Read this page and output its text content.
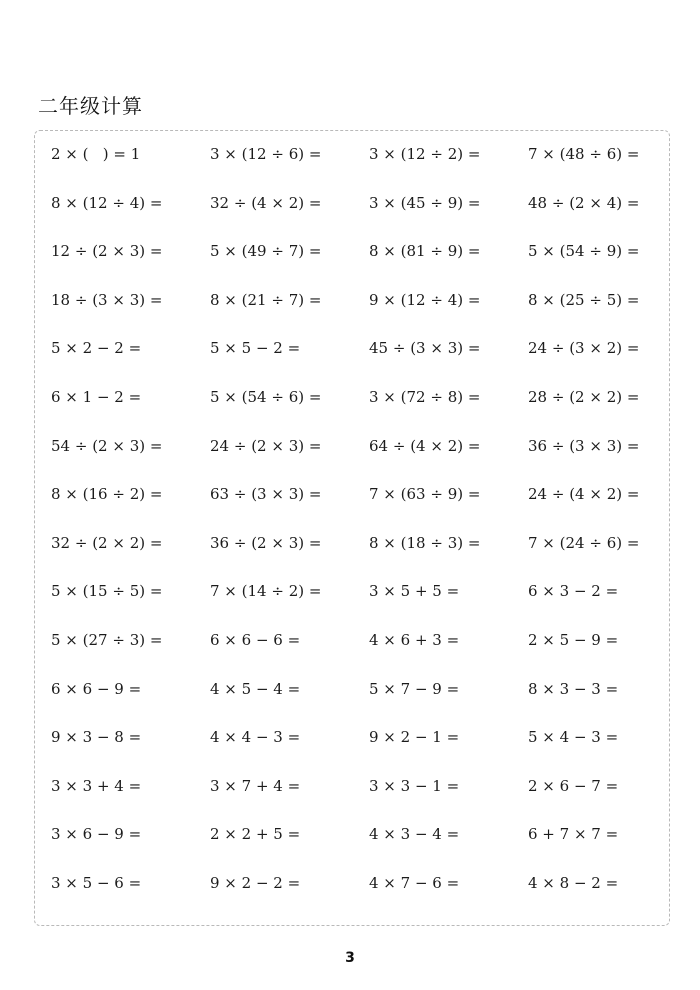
二年级计算
2 × (   ) = 1	3 × (12 ÷ 6) =	3 × (12 ÷ 2) =	7 × (48 ÷ 6) =
8 × (12 ÷ 4) =	32 ÷ (4 × 2) =	3 × (45 ÷ 9) =	48 ÷ (2 × 4) =
12 ÷ (2 × 3) =	5 × (49 ÷ 7) =	8 × (81 ÷ 9) =	5 × (54 ÷ 9) =
18 ÷ (3 × 3) =	8 × (21 ÷ 7) =	9 × (12 ÷ 4) =	8 × (25 ÷ 5) =
5 × 2 − 2 =	5 × 5 − 2 =	45 ÷ (3 × 3) =	24 ÷ (3 × 2) =
6 × 1 − 2 =	5 × (54 ÷ 6) =	3 × (72 ÷ 8) =	28 ÷ (2 × 2) =
54 ÷ (2 × 3) =	24 ÷ (2 × 3) =	64 ÷ (4 × 2) =	36 ÷ (3 × 3) =
8 × (16 ÷ 2) =	63 ÷ (3 × 3) =	7 × (63 ÷ 9) =	24 ÷ (4 × 2) =
32 ÷ (2 × 2) =	36 ÷ (2 × 3) =	8 × (18 ÷ 3) =	7 × (24 ÷ 6) =
5 × (15 ÷ 5) =	7 × (14 ÷ 2) =	3 × 5 + 5 =	6 × 3 − 2 =
5 × (27 ÷ 3) =	6 × 6 − 6 =	4 × 6 + 3 =	2 × 5 − 9 =
6 × 6 − 9 =	4 × 5 − 4 =	5 × 7 − 9 =	8 × 3 − 3 =
9 × 3 − 8 =	4 × 4 − 3 =	9 × 2 − 1 =	5 × 4 − 3 =
3 × 3 + 4 =	3 × 7 + 4 =	3 × 3 − 1 =	2 × 6 − 7 =
3 × 6 − 9 =	2 × 2 + 5 =	4 × 3 − 4 =	6 + 7 × 7 =
3 × 5 − 6 =	9 × 2 − 2 =	4 × 7 − 6 =	4 × 8 − 2 =
3
